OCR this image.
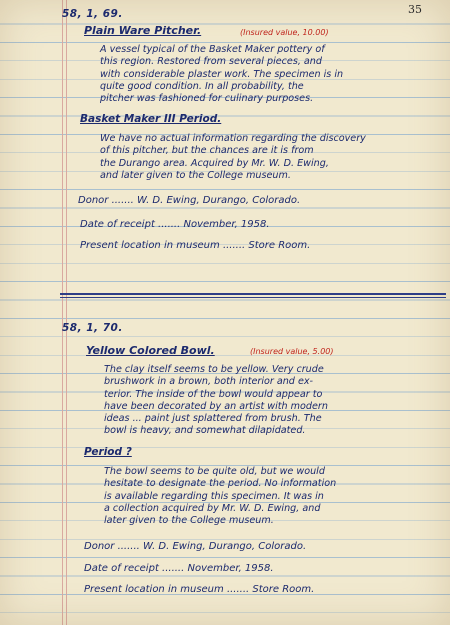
35
58, 1, 69.
Plain Ware Pitcher.	(Insured value, 10.00)
A vessel typical of the Basket Maker pottery of
this region. Restored from several pieces, and
with considerable plaster work. The specimen is in
quite good condition. In all probability, the
pitcher was fashioned for culinary purposes.
Basket Maker III Period.
We have no actual information regarding the discovery
of this pitcher, but the chances are it is from
the Durango area. Acquired by Mr. W. D. Ewing,
and later given to the College museum.
Donor ....... W. D. Ewing, Durango, Colorado.
Date of receipt ....... November, 1958.
Present location in museum ....... Store Room.
58, 1, 70.
Yellow Colored Bowl.	(Insured value, 5.00)
The clay itself seems to be yellow. Very crude
brushwork in a brown, both interior and ex-
terior. The inside of the bowl would appear to
have been decorated by an artist with modern
ideas ... paint just splattered from brush. The
bowl is heavy, and somewhat dilapidated.
Period ?
The bowl seems to be quite old, but we would
hesitate to designate the period. No information
is available regarding this specimen. It was in
a collection acquired by Mr. W. D. Ewing, and
later given to the College museum.
Donor ....... W. D. Ewing, Durango, Colorado.
Date of receipt ....... November, 1958.
Present location in museum ....... Store Room.
